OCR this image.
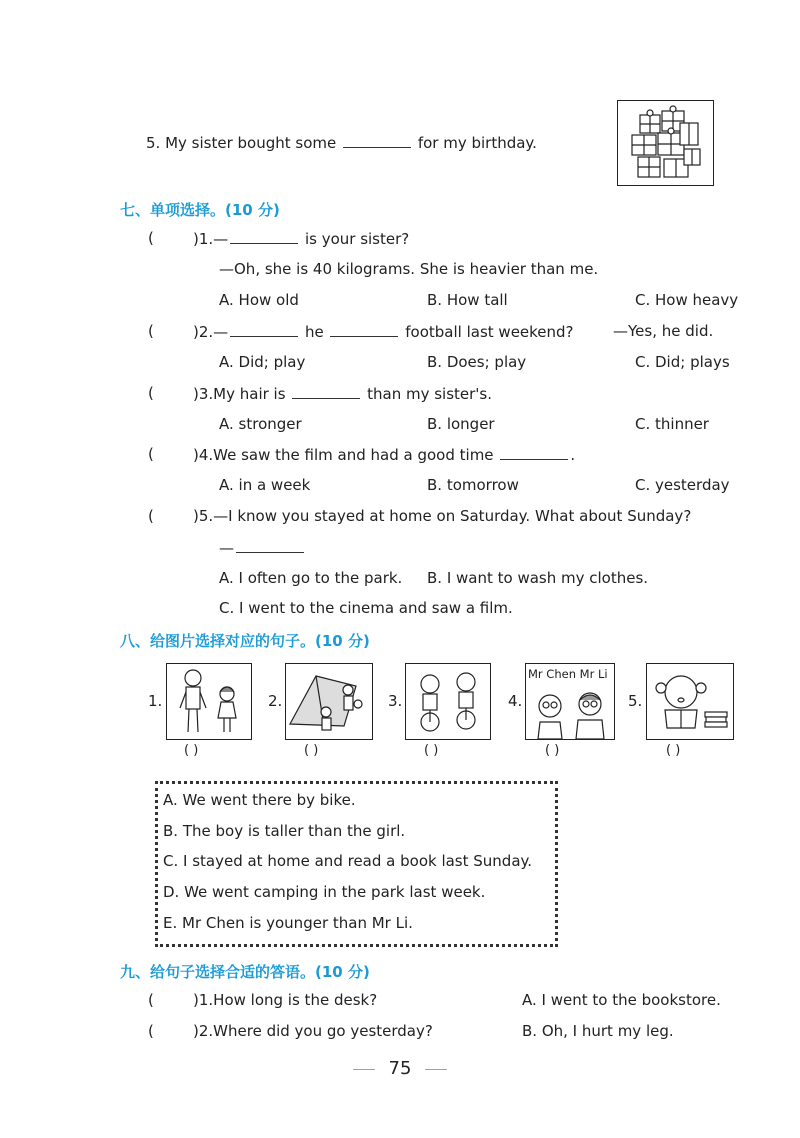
5. My sister bought some	for my birthday.
七、单项选择。(10 分)
(	)1.—	is your sister?
—Oh, she is 40 kilograms. She is heavier than me.
A. How old	B. How tall	C. How heavy
(	)2.—	he	football last weekend?	—Yes, he did.
A. Did; play	B. Does; play	C. Did; plays
(	)3.My hair is	than my sister's.
A. stronger	B. longer	C. thinner
(	)4.We saw the film and had a good time	.
A. in a week	B. tomorrow	C. yesterday
(	)5.—I know you stayed at home on Saturday. What about Sunday?
—
A. I often go to the park. B. I want to wash my clothes.
C. I went to the cinema and saw a film.
八、给图片选择对应的句子。(10 分)
1.
( )
2.
( )
3.
( )
4.
Mr Chen Mr Li
( )
5.
( )
A. We went there by bike.
B. The boy is taller than the girl.
C. I stayed at home and read a book last Sunday.
D. We went camping in the park last week.
E. Mr Chen is younger than Mr Li.
九、给句子选择合适的答语。(10 分)
(	)1.How long is the desk?	A. I went to the bookstore.
(	)2.Where did you go yesterday?	B. Oh, I hurt my leg.
75
